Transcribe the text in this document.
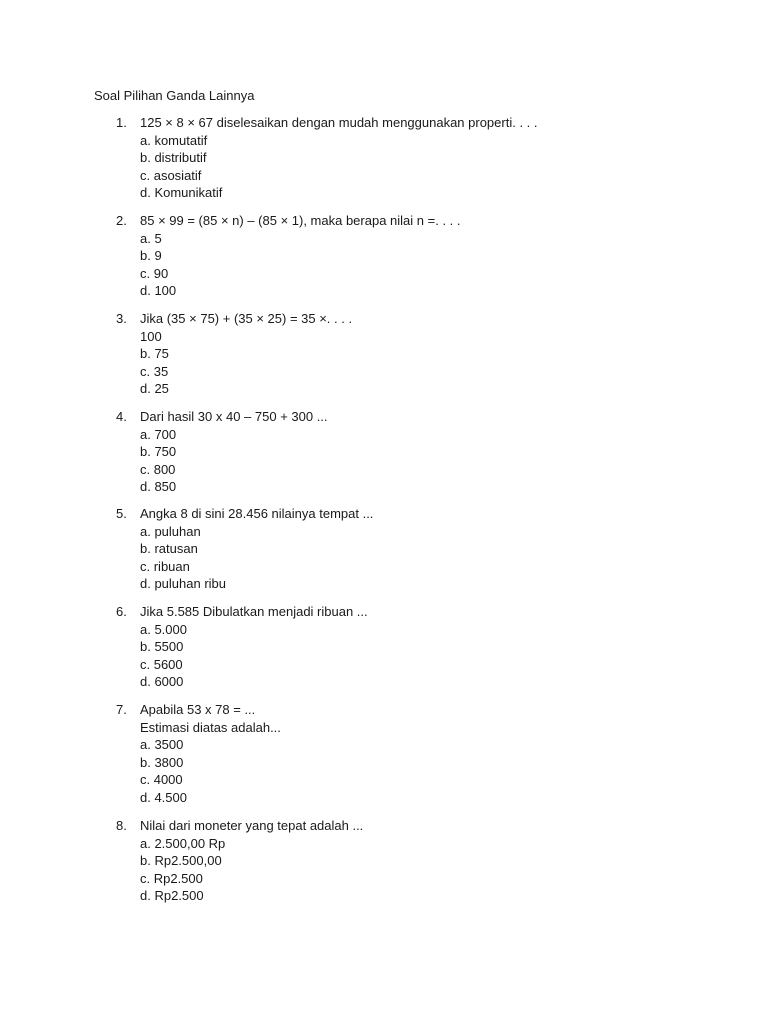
Soal Pilihan Ganda Lainnya
1. 125 × 8 × 67 diselesaikan dengan mudah menggunakan properti. . . .
a. komutatif
b. distributif
c. asosiatif
d. Komunikatif
2. 85 × 99 = (85 × n) – (85 × 1), maka berapa nilai n =. . . .
a. 5
b. 9
c. 90
d. 100
3. Jika (35 × 75) + (35 × 25) = 35 ×. . . .
100
b. 75
c. 35
d. 25
4. Dari hasil 30 x 40 – 750 + 300 ...
a. 700
b. 750
c. 800
d. 850
5. Angka 8 di sini 28.456 nilainya tempat ...
a. puluhan
b. ratusan
c. ribuan
d. puluhan ribu
6. Jika 5.585 Dibulatkan menjadi ribuan ...
a. 5.000
b. 5500
c. 5600
d. 6000
7. Apabila 53 x 78 = ...
Estimasi diatas adalah...
a. 3500
b. 3800
c. 4000
d. 4.500
8. Nilai dari moneter yang tepat adalah ...
a. 2.500,00 Rp
b. Rp2.500,00
c. Rp2.500
d. Rp2.500
